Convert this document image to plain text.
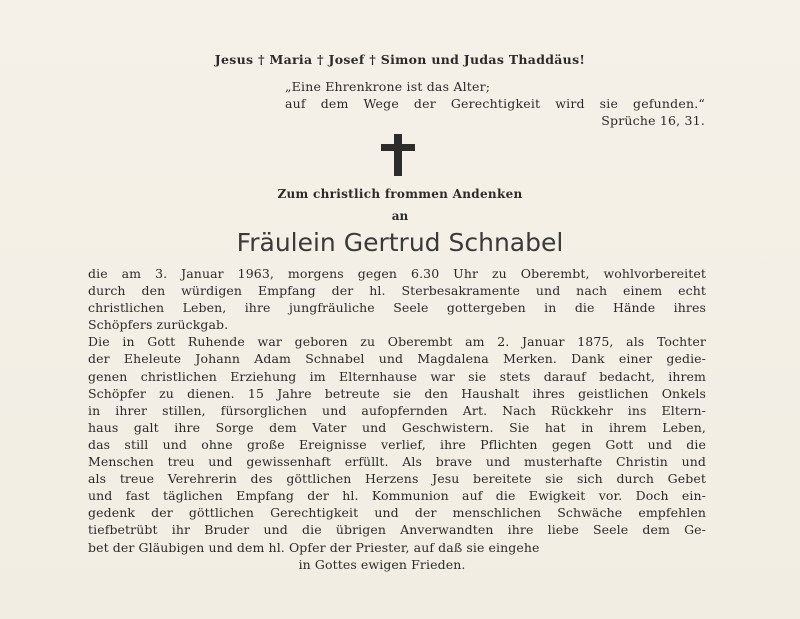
Jesus † Maria † Josef † Simon und Judas Thaddäus!
„Eine Ehrenkrone ist das Alter;
auf dem Wege der Gerechtigkeit wird sie gefunden.“
Sprüche 16, 31.
Zum christlich frommen Andenken
an
Fräulein Gertrud Schnabel
die am 3. Januar 1963, morgens gegen 6.30 Uhr zu Oberembt, wohlvorbereitet
durch den würdigen Empfang der hl. Sterbesakramente und nach einem echt
christlichen Leben, ihre jungfräuliche Seele gottergeben in die Hände ihres
Schöpfers zurückgab.
Die in Gott Ruhende war geboren zu Oberembt am 2. Januar 1875, als Tochter
der Eheleute Johann Adam Schnabel und Magdalena Merken. Dank einer gedie-
genen christlichen Erziehung im Elternhause war sie stets darauf bedacht, ihrem
Schöpfer zu dienen. 15 Jahre betreute sie den Haushalt ihres geistlichen Onkels
in ihrer stillen, fürsorglichen und aufopfernden Art. Nach Rückkehr ins Eltern-
haus galt ihre Sorge dem Vater und Geschwistern. Sie hat in ihrem Leben,
das still und ohne große Ereignisse verlief, ihre Pflichten gegen Gott und die
Menschen treu und gewissenhaft erfüllt. Als brave und musterhafte Christin und
als treue Verehrerin des göttlichen Herzens Jesu bereitete sie sich durch Gebet
und fast täglichen Empfang der hl. Kommunion auf die Ewigkeit vor. Doch ein-
gedenk der göttlichen Gerechtigkeit und der menschlichen Schwäche empfehlen
tiefbetrübt ihr Bruder und die übrigen Anverwandten ihre liebe Seele dem Ge-
bet der Gläubigen und dem hl. Opfer der Priester, auf daß sie eingehe
in Gottes ewigen Frieden.
